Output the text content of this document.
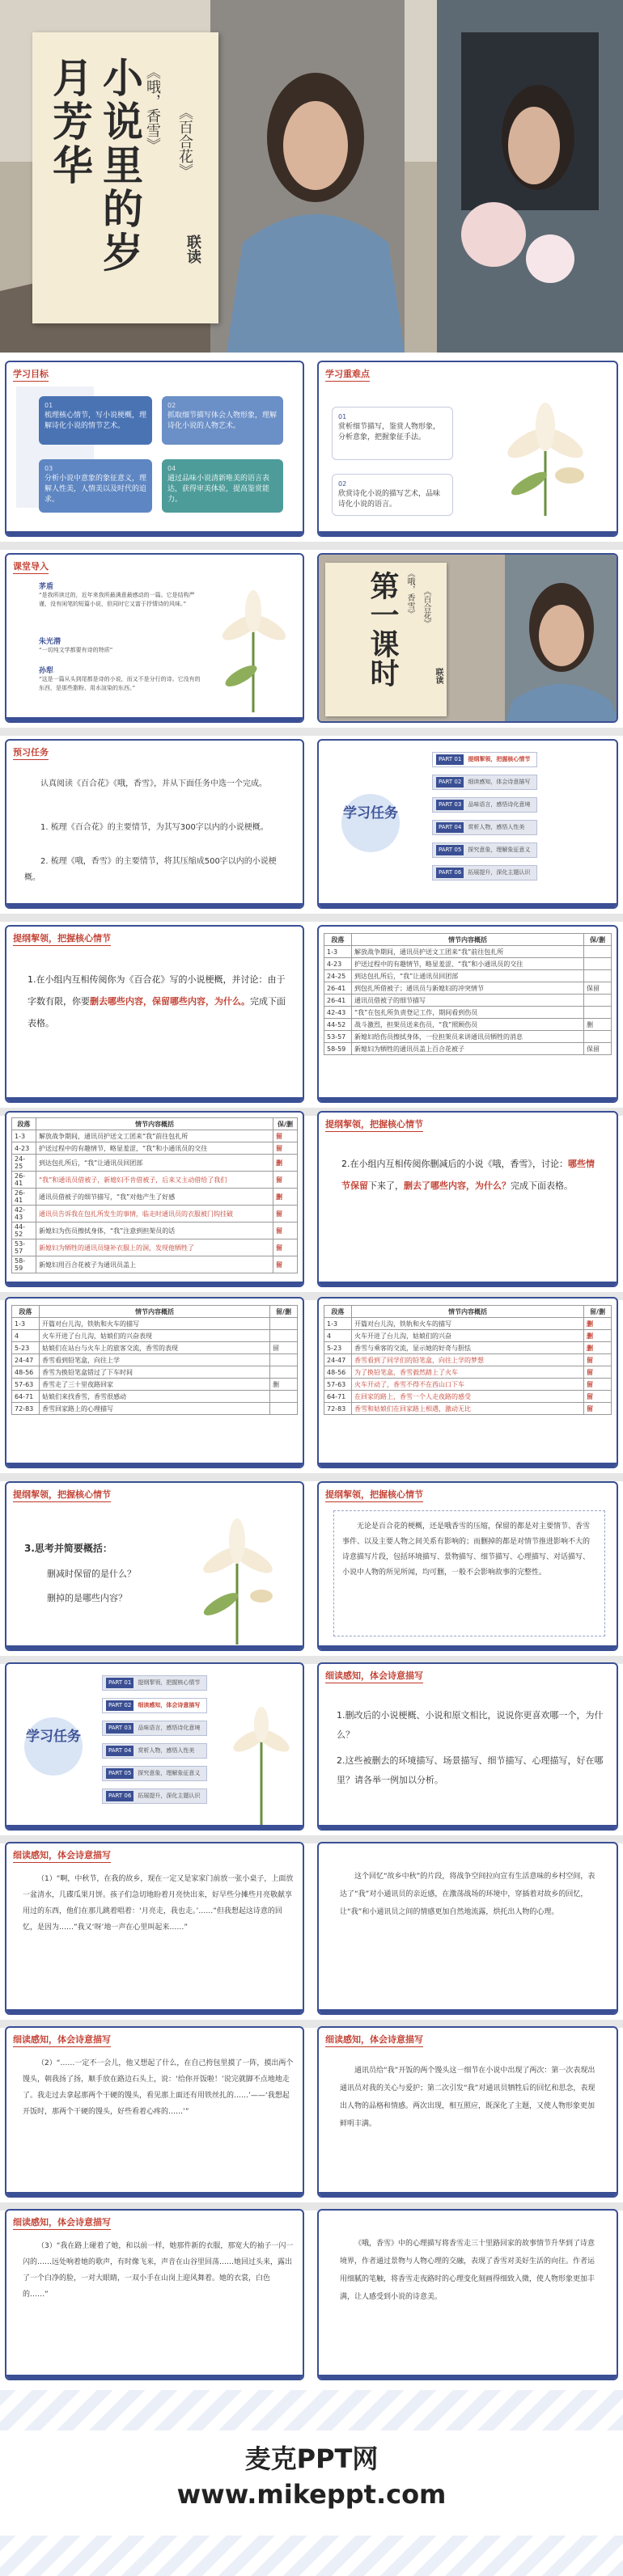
小说里的岁月芳华	《哦，香雪》 《百合花》
联读
学习目标
01
梳理核心情节，写小说梗概，理解诗化小说的情节艺术。
02
抓取细节描写体会人物形象，理解诗化小说的人物艺术。
03
分析小说中意象的象征意义，理解人性美，人情美以及时代的追求。
04
通过品味小说清新唯美的语言表达，获得审美体验，提高鉴赏能力。
学习重难点
01
赏析细节描写，鉴赏人物形象，分析意象，把握象征手法。
02
欣赏诗化小说的描写艺术，品味诗化小说的语言。
课堂导入
茅盾
“是我所读过的，近年来我所最满意最感动的一篇。它是结构严谨，没有闲笔的短篇小说，但同时它又富于抒情诗的风味。”
朱光潜
“一切纯文学都要有诗的特质”
孙犁
“这是一篇从头到尾都是诗的小说，而又不是分行的诗。它没有的东西，是那些脂粉、用水渲染的东西。”
第一课时 《哦，香雪》 《百合花》
联读
预习任务
认真阅读《百合花》《哦，香雪》，并从下面任务中选一个完成。
1. 梳理《百合花》的主要情节，为其写300字以内的小说梗概。
2. 梳理《哦，香雪》的主要情节，将其压缩成500字以内的小说梗概。
学习任务
PART 01 提纲挈领，把握核心情节
PART 02 细读感知，体会诗意描写
PART 03 品味语言，感悟诗化意境
PART 04 赏析人物，感悟人性美
PART 05 探究意象，理解象征意义
PART 06 拓展提升，深化主题认识
提纲挈领，把握核心情节
1.在小组内互相传阅你为《百合花》写的小说梗概，并讨论：由于字数有限，你要删去哪些内容，保留哪些内容，为什么。完成下面表格。
段落	情节内容概括	保/删
1-3	解放战争期间，通讯员护送文工团来“我”前往包扎所	
4-23	护送过程中的有趣情节，略显羞涩、“我”和小通讯员的交往	
24-25	到达包扎所后，“我”让通讯员回团部	
26-41	到包扎所借被子；通讯员与新媳妇的冲突情节	保留
26-41	通讯员借被子的细节描写	
42-43	“我”在包扎所负责登记工作，期间看到伤员	
44-52	战斗激烈，担架员送来伤员，“我”照顾伤员	删
53-57	新媳妇给伤员擦拭身体，一位担架员来讲通讯员牺牲的消息	
58-59	新媳妇为牺牲的通讯员盖上百合花被子	保留
段落	情节内容概括	保/删
1-3	解放战争期间，通讯员护送文工团来“我”前往包扎所	留
4-23	护送过程中的有趣情节，略显羞涩，“我”和小通讯员的交往	留
24-25	到达包扎所后，“我”让通讯员回团部	删
26-41	“我”和通讯员借被子，新媳妇不肯借被子，后来又主动借给了我们	留
26-41	通讯员借被子的细节描写，“我”对他产生了好感	删
42-43	通讯员告诉我在包扎所发生的事情，临走时通讯员的衣服被门钩挂破	留
44-52	新媳妇为伤员擦拭身体，“我”注意到担架员的话	留
53-57	新媳妇为牺牲的通讯员缝补衣服上的洞，发现他牺牲了	留
58-59	新媳妇用百合花被子为通讯员盖上	留
提纲挈领，把握核心情节
2.在小组内互相传阅你删减后的小说《哦，香雪》，讨论：哪些情节保留下来了，删去了哪些内容，为什么？完成下面表格。
段落	情节内容概括	留/删
1-3	开篇对台儿沟，铁轨和火车的描写	
4	火车开进了台儿沟，姑娘们的兴奋表现	
5-23	姑娘们在站台与火车上的旅客交流，香雪的表现	留
24-47	香雪看到铅笔盒，向往上学	
48-56	香雪为换铅笔盒错过了下车时间	
57-63	香雪走了三十里夜路回家	删
64-71	姑娘们来找香雪，香雪很感动	
72-83	香雪回家路上的心理描写	
段落	情节内容概括	留/删
1-3	开篇对台儿沟，铁轨和火车的描写	删
4	火车开进了台儿沟，姑娘们的兴奋	删
5-23	香雪与乘客的交流，显示她的好奇与胆怯	删
24-47	香雪看到了同学们的铅笔盒，向往上学的梦想	留
48-56	为了换铅笔盒，香雪毅然踏上了火车	留
57-63	火车开动了，香雪不得不在西山口下车	留
64-71	在回家的路上，香雪一个人走夜路的感受	留
72-83	香雪和姑娘们在回家路上相遇，激动无比	留
提纲挈领，把握核心情节
3.思考并简要概括：
删减时保留的是什么？
删掉的是哪些内容？
提纲挈领，把握核心情节
无论是百合花的梗概，还是哦香雪的压缩，保留的都是对主要情节、香雪事件、以及主要人物之间关系有影响的；而删掉的都是对情节推进影响不大的诗意描写片段，包括环境描写、景物描写、细节描写、心理描写、对话描写、小说中人物的所见所闻，均可删，一般不会影响故事的完整性。
学习任务
PART 01 提纲挈领，把握核心情节
PART 02 细读感知，体会诗意描写
PART 03 品味语言，感悟诗化意境
PART 04 赏析人物，感悟人性美
PART 05 探究意象，理解象征意义
PART 06 拓展提升，深化主题认识
细读感知，体会诗意描写
1.删改后的小说梗概、小说和原文相比，说说你更喜欢哪一个，为什么？
2.这些被删去的环境描写、场景描写、细节描写、心理描写，好在哪里？请各举一例加以分析。
细读感知，体会诗意描写
（1）“啊，中秋节，在我的故乡，现在一定又是家家门前放一张小桌子，上面放一盆清水，几碟瓜果月饼。孩子们急切地盼着月亮快出来，好早些分摊些月亮敬献享用过的东西，他们在那儿跳着唱着：‘月亮走，我也走。’……”但我想起这诗意的回忆，是因为……”我又‘呀’地一声在心里叫起来……”
这个回忆“故乡中秋”的片段，将战争空间拉向宣有生活意味的乡村空间，表达了“我”对小通讯员的亲近感，在激荡战场的环境中，穿插着对故乡的回忆，让“我”和小通讯员之间的情感更加自然地流露，烘托出人物的心理。
细读感知，体会诗意描写
（2）“……一定不一会儿，他又想起了什么，在自己挎包里摸了一阵，摸出两个馒头，朝我扬了扬，顺手放在路边石头上，说：‘给你开饭啦！’说完就脚不点地地走了。我走过去拿起那两个干硬的馒头，看见那上面还有用铁丝扎的……’——‘我想起开饭时，那两个干硬的馒头，好些看着心疼的……’”
细读感知，体会诗意描写
通讯员给“我”开饭的两个馒头这一细节在小说中出现了两次：第一次表现出通讯员对我的关心与爱护；第二次引发“我”对通讯员牺牲后的回忆和思念，表现出人物的品格和情感。两次出现，相互照应，既深化了主题，又使人物形象更加鲜明丰满。
细读感知，体会诗意描写
（3）“我在路上碰着了她，和以前一样，她那件新的衣服，那宽大的袖子一闪一闪的……远处响着她的歌声，有时像飞来，声音在山谷里回荡……她回过头来，露出了一个白净的脸，一对大眼睛，一双小手在山岗上迎风舞着。她的衣裳，白色的……”
《哦，香雪》中的心理描写将香雪走三十里路回家的故事情节升华到了诗意境界，作者通过景物与人物心理的交融，表现了香雪对美好生活的向往。作者运用细腻的笔触，将香雪走夜路时的心理变化刻画得细致入微，使人物形象更加丰满，让人感受到小说的诗意美。
麦克PPT网
www.mikeppt.com
